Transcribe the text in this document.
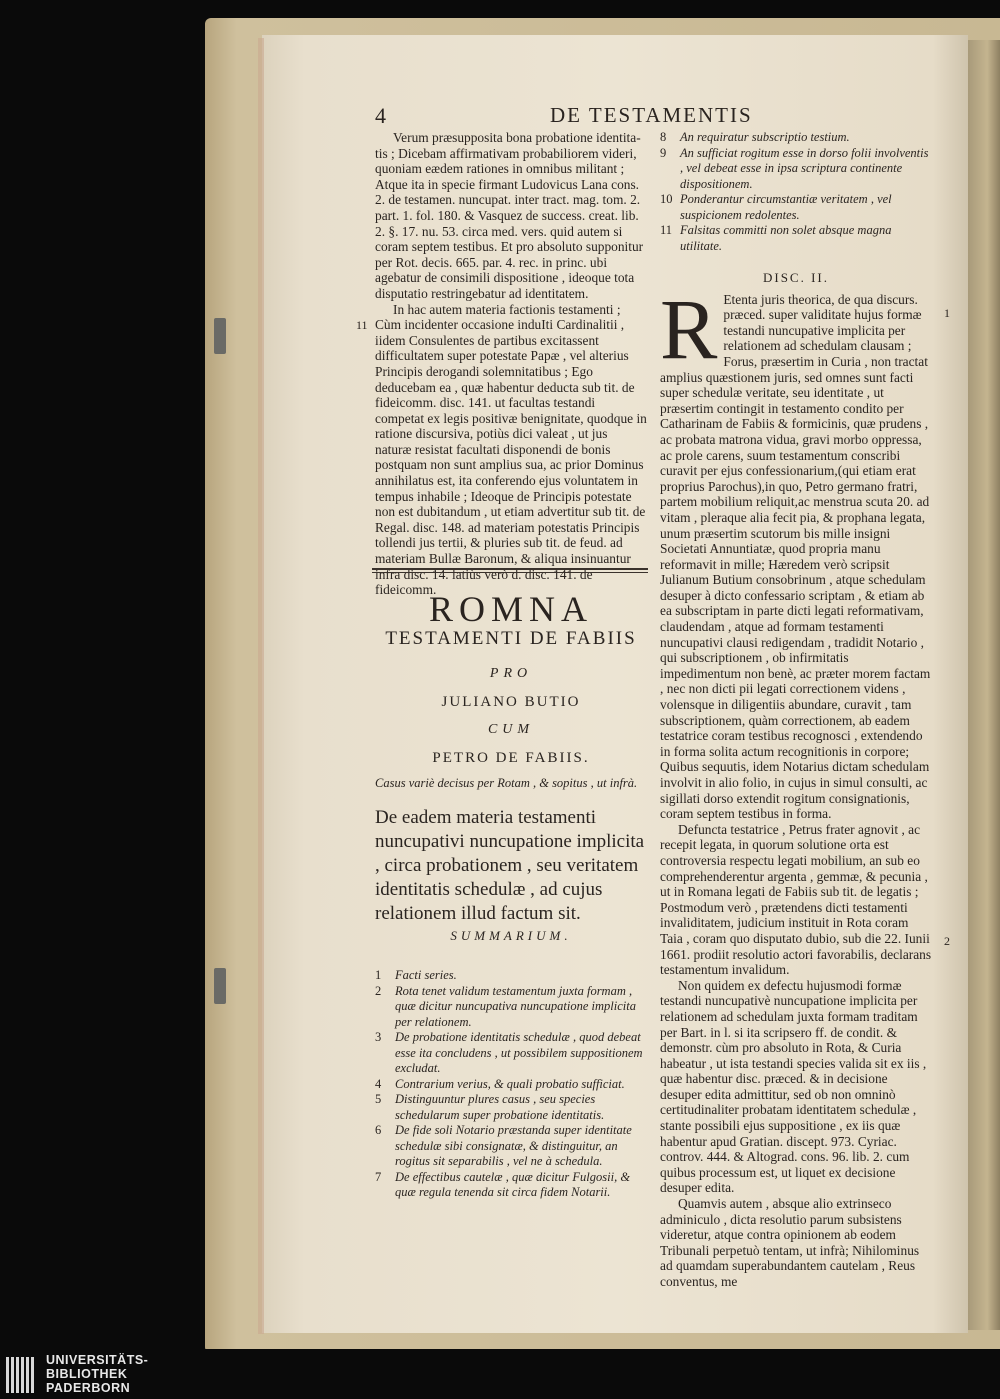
4	DE TESTAMENTIS

Verum præsupposita bona probatione identita-tis ; Dicebam affirmativam probabiliorem videri, quoniam eædem rationes in omnibus militant ; Atque ita in specie firmant Ludovicus Lana cons. 2. de testamen. nuncupat. inter tract. mag. tom. 2. part. 1. fol. 180. & Vasquez de success. creat. lib. 2. §. 17. nu. 53. circa med. vers. quid autem si coram septem testibus. Et pro absoluto supponitur per Rot. decis. 665. par. 4. rec. in princ. ubi agebatur de consimili dispositione , ideoque tota disputatio restringebatur ad identitatem.

In hac autem materia factionis testamenti ; Cùm incidenter occasione induIti Cardinalitii , iidem Consulentes de partibus excitassent difficultatem super potestate Papæ , vel alterius Principis derogandi solemnitatibus ; Ego deducebam ea , quæ habentur deducta sub tit. de fideicomm. disc. 141. ut facultas testandi competat ex legis positivæ benignitate, quodque in ratione discursiva, potiùs dici valeat , ut jus naturæ resistat facultati disponendi de bonis postquam non sunt amplius sua, ac prior Dominus annihilatus est, ita conferendo ejus voluntatem in tempus inhabile ; Ideoque de Principis potestate non est dubitandum , ut etiam advertitur sub tit. de Regal. disc. 148. ad materiam potestatis Principis tollendi jus tertii, & pluries sub tit. de feud. ad materiam Bullæ Baronum, & aliqua insinuantur infra disc. 14. latiùs verò d. disc. 141. de fideicomm.

11
ROMNA
TESTAMENTI DE FABIIS
PRO
JULIANO BUTIO
CUM
PETRO DE FABIIS.
Casus variè decisus per Rotam , & sopitus , ut infrà.
De eadem materia testamenti nuncupativi nuncupatione implicita , circa probationem , seu veritatem identitatis schedulæ , ad cujus relationem illud factum sit.
SUMMARIUM.
1 Facti series.
2 Rota tenet validum testamentum juxta formam , quæ dicitur nuncupativa nuncupatione implicita per relationem.
3 De probatione identitatis schedulæ , quod debeat esse ita concludens , ut possibilem suppositionem excludat.
4 Contrarium verius, & quali probatio sufficiat.
5 Distinguuntur plures casus , seu species schedularum super probatione identitatis.
6 De fide soli Notario præstanda super identitate schedulæ sibi consignatæ, & distinguitur, an rogitus sit separabilis , vel ne à schedula.
7 De effectibus cautelæ , quæ dicitur Fulgosii, & quæ regula tenenda sit circa fidem Notarii.
8 An requiratur subscriptio testium.
9 An sufficiat rogitum esse in dorso folii involventis , vel debeat esse in ipsa scriptura continente dispositionem.
10 Ponderantur circumstantiæ veritatem , vel suspicionem redolentes.
11 Falsitas committi non solet absque magna utilitate.
DISC. II.

R Etenta juris theorica, de qua discurs. præced. super validitate hujus formæ testandi nuncupative implicita per relationem ad schedulam clausam ; Forus, præsertim in Curia , non tractat amplius quæstionem juris, sed omnes sunt facti super schedulæ veritate, seu identitate , ut præsertim contingit in testamento condito per Catharinam de Fabiis & formicinis, quæ prudens , ac probata matrona vidua, gravi morbo oppressa, ac prole carens, suum testamentum conscribi curavit per ejus confessionarium,(qui etiam erat proprius Parochus),in quo, Petro germano fratri, partem mobilium reliquit,ac menstrua scuta 20. ad vitam , pleraque alia fecit pia, & prophana legata, unum præsertim scutorum bis mille insigni Societati Annuntiatæ, quod propria manu reformavit in mille; Hæredem verò scripsit Julianum Butium consobrinum , atque schedulam desuper à dicto confessario scriptam , & etiam ab ea subscriptam in parte dicti legati reformativam, claudendam , atque ad formam testamenti nuncupativi clausi redigendam , tradidit Notario , qui subscriptionem , ob infirmitatis impedimentum non benè, ac præter morem factam , nec non dicti pii legati correctionem videns , volensque in diligentiis abundare, curavit , tam subscriptionem, quàm correctionem, ab eadem testatrice coram testibus recognosci , extendendo in forma solita actum recognitionis in corpore; Quibus sequutis, idem Notarius dictam schedulam involvit in alio folio, in cujus in simul consulti, ac sigillati dorso extendit rogitum consignationis, coram septem testibus in forma.

Defuncta testatrice , Petrus frater agnovit , ac recepit legata, in quorum solutione orta est controversia respectu legati mobilium, an sub eo comprehenderentur argenta , gemmæ, & pecunia , ut in Romana legati de Fabiis sub tit. de legatis ; Postmodum verò , prætendens dicti testamenti invaliditatem, judicium instituit in Rota coram Taia , coram quo disputato dubio, sub die 22. Iunii 1661. prodiit resolutio actori favorabilis, declarans testamentum invalidum.

Non quidem ex defectu hujusmodi formæ testandi nuncupativè nuncupatione implicita per relationem ad schedulam juxta formam traditam per Bart. in l. si ita scripsero ff. de condit. & demonstr. cùm pro absoluto in Rota, & Curia habeatur , ut ista testandi species valida sit ex iis , quæ habentur disc. præced. & in decisione desuper edita admittitur, sed ob non omninò certitudinaliter probatam identitatem schedulæ , stante possibili ejus suppositione , ex iis quæ habentur apud Gratian. discept. 973. Cyriac. controv. 444. & Altograd. cons. 96. lib. 2. cum quibus processum est, ut liquet ex decisione desuper edita.

Quamvis autem , absque alio extrinseco adminiculo , dicta resolutio parum subsistens videretur, atque contra opinionem ab eodem Tribunali perpetuò tentam, ut infrà; Nihilominus ad quamdam superabundantem cautelam , Reus conventus, me

1
2
UNIVERSITÄTS-
BIBLIOTHEK
PADERBORN
